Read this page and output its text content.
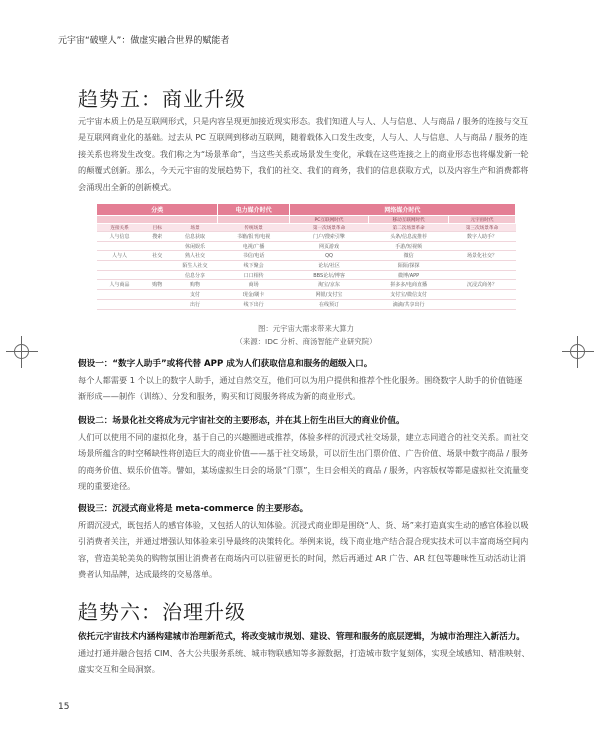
元宇宙“破壁人”：做虚实融合世界的赋能者
趋势五：商业升级
元宇宙本质上仍是互联网形式，只是内容呈现更加接近现实形态。我们知道人与人、人与信息、人与商品 / 服务的连接与交互是互联网商业化的基础。过去从 PC 互联网到移动互联网，随着载体入口发生改变，人与人、人与信息、人与商品 / 服务的连接关系也将发生改变。我们称之为“场景革命”，当这些关系或场景发生变化，承载在这些连接之上的商业形态也将爆发新一轮的颠覆式创新。那么，今天元宇宙的发展趋势下，我们的社交、我们的商务，我们的信息获取方式，以及内容生产和消费都将会涌现出全新的创新模式。
分类			电力媒介时代	网络媒介时代		
				PC互联网时代	移动互联网时代	元宇宙时代
连接关系	目标	场景	传统场景	第一次场景革命	第二次场景革命	第三次场景革命
人与信息	搜索	信息获取	书籍/报刊/电视	门户/搜索引擎	头条/信息流推荐	数字人助手？
		休闲娱乐	电视/广播	网页游戏	手游/短视频	
人与人	社交	熟人社交	书信/电话	QQ	微信	场景化社交？
		陌生人社交	线下聚会	论坛/社区	陌陌/探探	
		信息分享	口口相传	BBS论坛/博客	微博/APP	
人与商品	购物	购物	商场	淘宝/京东	拼多多/电商直播	沉浸式商务？
		支付	现金/刷卡	网银/支付宝	支付宝/微信支付	
		出行	线下出行	在线预订	滴滴/共享出行	
图：元宇宙大需求带来大算力
（来源：IDC 分析、商汤智能产业研究院）
假设一：“数字人助手”或将代替 APP 成为人们获取信息和服务的超级入口。
每个人都需要 1 个以上的数字人助手，通过自然交互，他们可以为用户提供和推荐个性化服务。围绕数字人助手的价值链逐渐形成——制作（训练）、分发和服务，购买和订阅服务将成为新的商业形式。
假设二：场景化社交将成为元宇宙社交的主要形态，并在其上衍生出巨大的商业价值。
人们可以使用不同的虚拟化身，基于自己的兴趣圈进或推荐，体验多样的沉浸式社交场景，建立志同道合的社交关系。而社交场景所蕴含的时空稀缺性将创造巨大的商业价值——基于社交场景，可以衍生出门票价值、广告价值、场景中数字商品 / 服务的商务价值、娱乐价值等。譬如，某场虚拟生日会的场景“门票”，生日会相关的商品 / 服务，内容版权等都是虚拟社交流量变现的重要途径。
假设三：沉浸式商业将是 meta-commerce 的主要形态。
所谓沉浸式，既包括人的感官体验，又包括人的认知体验。沉浸式商业即是围绕“人、货、场”来打造真实生动的感官体验以吸引消费者关注，并通过增强认知体验来引导最终的决策转化。举例来说，线下商业地产结合混合现实技术可以丰富商场空间内容，营造美轮美奂的购物氛围让消费者在商场内可以驻留更长的时间，然后再通过 AR 广告、AR 红包等趣味性互动活动让消费者认知品牌，达成最终的交易落单。
趋势六：治理升级
依托元宇宙技术内涵构建城市治理新范式，将改变城市规划、建设、管理和服务的底层逻辑，为城市治理注入新活力。
通过打通并融合包括 CIM、各大公共服务系统、城市物联感知等多源数据，打造城市数字复刻体，实现全域感知、精准映射、虚实交互和全局洞察。
15
